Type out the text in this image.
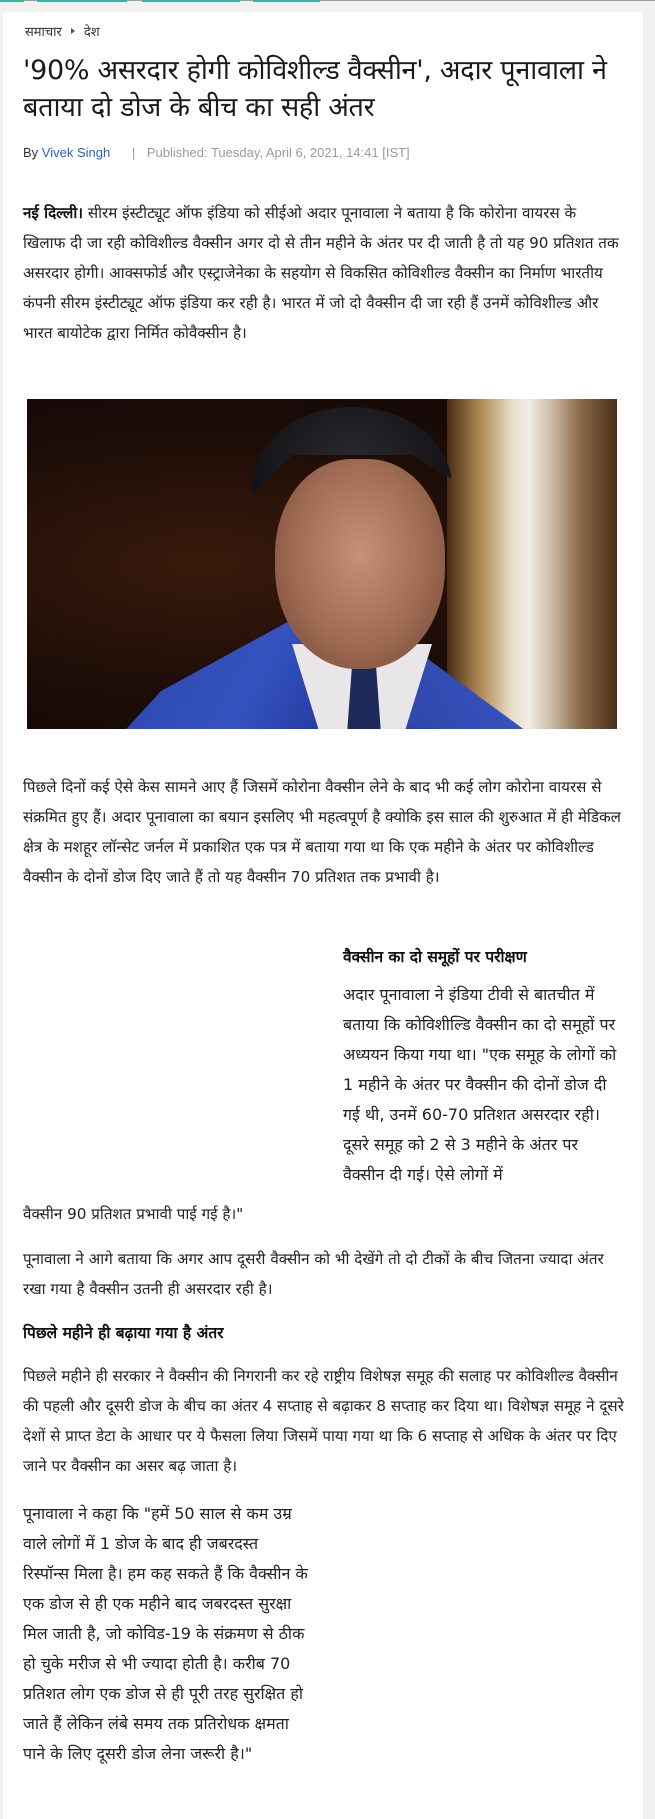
समाचार देश
'90% असरदार होगी कोविशील्ड वैक्सीन', अदार पूनावाला ने बताया दो डोज के बीच का सही अंतर
By Vivek Singh | Published: Tuesday, April 6, 2021, 14:41 [IST]

नई दिल्ली। सीरम इंस्टीट्यूट ऑफ इंडिया को सीईओ अदार पूनावाला ने बताया है कि कोरोना वायरस के खिलाफ दी जा रही कोविशील्ड वैक्सीन अगर दो से तीन महीने के अंतर पर दी जाती है तो यह 90 प्रतिशत तक असरदार होगी। आक्सफोर्ड और एस्ट्राजेनेका के सहयोग से विकसित कोविशील्ड वैक्सीन का निर्माण भारतीय कंपनी सीरम इंस्टीट्यूट ऑफ इंडिया कर रही है। भारत में जो दो वैक्सीन दी जा रही हैं उनमें कोविशील्ड और भारत बायोटेक द्वारा निर्मित कोवैक्सीन है।

पिछले दिनों कई ऐसे केस सामने आए हैं जिसमें कोरोना वैक्सीन लेने के बाद भी कई लोग कोरोना वायरस से संक्रमित हुए हैं। अदार पूनावाला का बयान इसलिए भी महत्वपूर्ण है क्योकि इस साल की शुरुआत में ही मेडिकल क्षेत्र के मशहूर लॉन्सेट जर्नल में प्रकाशित एक पत्र में बताया गया था कि एक महीने के अंतर पर कोविशील्ड वैक्सीन के दोनों डोज दिए जाते हैं तो यह वैक्सीन 70 प्रतिशत तक प्रभावी है।

वैक्सीन का दो समूहों पर परीक्षण

अदार पूनावाला ने इंडिया टीवी से बातचीत में बताया कि कोविशील्डि वैक्सीन का दो समूहों पर अध्ययन किया गया था। "एक समूह के लोगों को 1 महीने के अंतर पर वैक्सीन की दोनों डोज दी गई थी, उनमें 60-70 प्रतिशत असरदार रही। दूसरे समूह को 2 से 3 महीने के अंतर पर वैक्सीन दी गई। ऐसे लोगों में

वैक्सीन 90 प्रतिशत प्रभावी पाई गई है।"

पूनावाला ने आगे बताया कि अगर आप दूसरी वैक्सीन को भी देखेंगे तो दो टीकों के बीच जितना ज्यादा अंतर रखा गया है वैक्सीन उतनी ही असरदार रही है।

पिछले महीने ही बढ़ाया गया है अंतर

पिछले महीने ही सरकार ने वैक्सीन की निगरानी कर रहे राष्ट्रीय विशेषज्ञ समूह की सलाह पर कोविशील्ड वैक्सीन की पहली और दूसरी डोज के बीच का अंतर 4 सप्ताह से बढ़ाकर 8 सप्ताह कर दिया था। विशेषज्ञ समूह ने दूसरे देशों से प्राप्त डेटा के आधार पर ये फैसला लिया जिसमें पाया गया था कि 6 सप्ताह से अधिक के अंतर पर दिए जाने पर वैक्सीन का असर बढ़ जाता है।

पूनावाला ने कहा कि "हमें 50 साल से कम उम्र वाले लोगों में 1 डोज के बाद ही जबरदस्त रिस्पॉन्स मिला है। हम कह सकते हैं कि वैक्सीन के एक डोज से ही एक महीने बाद जबरदस्त सुरक्षा मिल जाती है, जो कोविड-19 के संक्रमण से ठीक हो चुके मरीज से भी ज्यादा होती है। करीब 70 प्रतिशत लोग एक डोज से ही पूरी तरह सुरक्षित हो जाते हैं लेकिन लंबे समय तक प्रतिरोधक क्षमता पाने के लिए दूसरी डोज लेना जरूरी है।"
